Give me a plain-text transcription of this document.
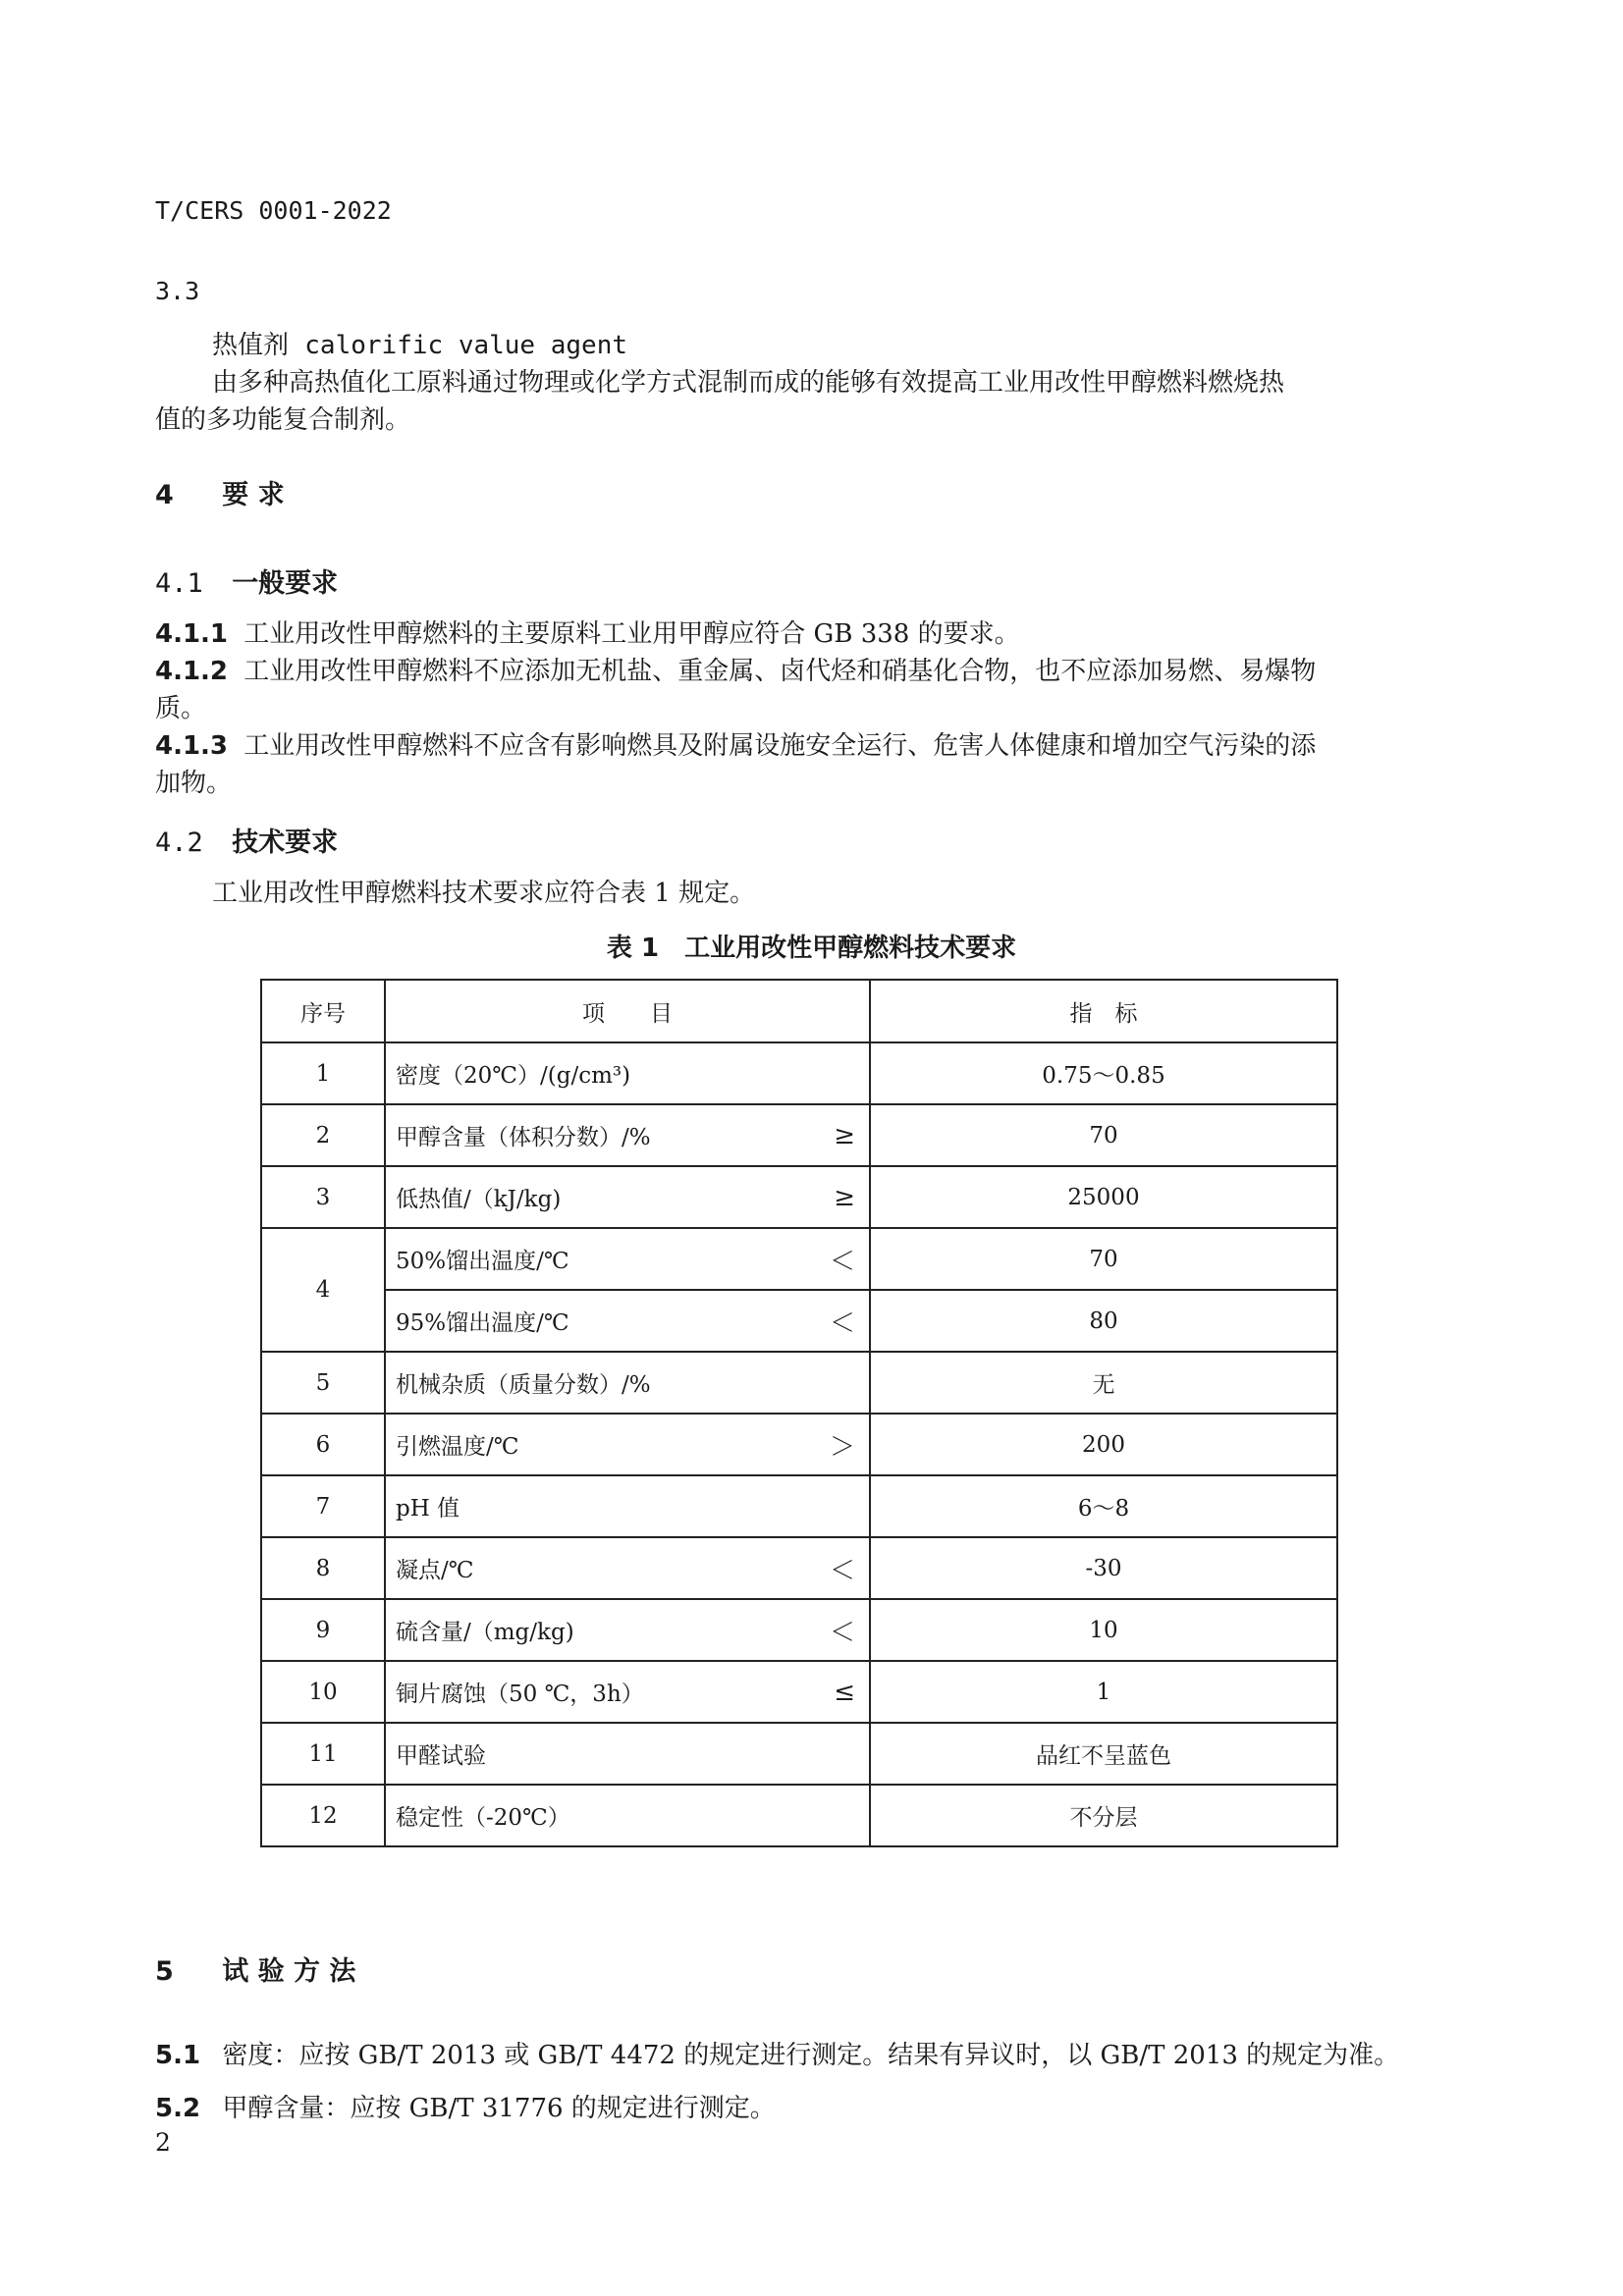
T/CERS 0001-2022
3.3
热值剂 calorific value agent
由多种高热值化工原料通过物理或化学方式混制而成的能够有效提高工业用改性甲醇燃料燃烧热
值的多功能复合制剂。
4 要 求
4.1 一般要求
4.1.1 工业用改性甲醇燃料的主要原料工业用甲醇应符合 GB 338 的要求。
4.1.2 工业用改性甲醇燃料不应添加无机盐、重金属、卤代烃和硝基化合物，也不应添加易燃、易爆物
质。
4.1.3 工业用改性甲醇燃料不应含有影响燃具及附属设施安全运行、危害人体健康和增加空气污染的添
加物。
4.2 技术要求
工业用改性甲醇燃料技术要求应符合表 1 规定。
表 1　工业用改性甲醇燃料技术要求
序号	项　　目	指　标
1	密度（20℃）/(g/cm³)	0.75～0.85
2	甲醇含量（体积分数）/% ≥	70
3	低热值/（kJ/kg) ≥	25000
4	50%馏出温度/℃ ＜	70
	95%馏出温度/℃ ＜	80
5	机械杂质（质量分数）/%	无
6	引燃温度/℃ ＞	200
7	pH 值	6～8
8	凝点/℃ ＜	-30
9	硫含量/（mg/kg) ＜	10
10	铜片腐蚀（50 ℃，3h） ≤	1
11	甲醛试验	品红不呈蓝色
12	稳定性（-20℃）	不分层
5 试 验 方 法
5.1 密度：应按 GB/T 2013 或 GB/T 4472 的规定进行测定。结果有异议时，以 GB/T 2013 的规定为准。
5.2 甲醇含量：应按 GB/T 31776 的规定进行测定。
2
